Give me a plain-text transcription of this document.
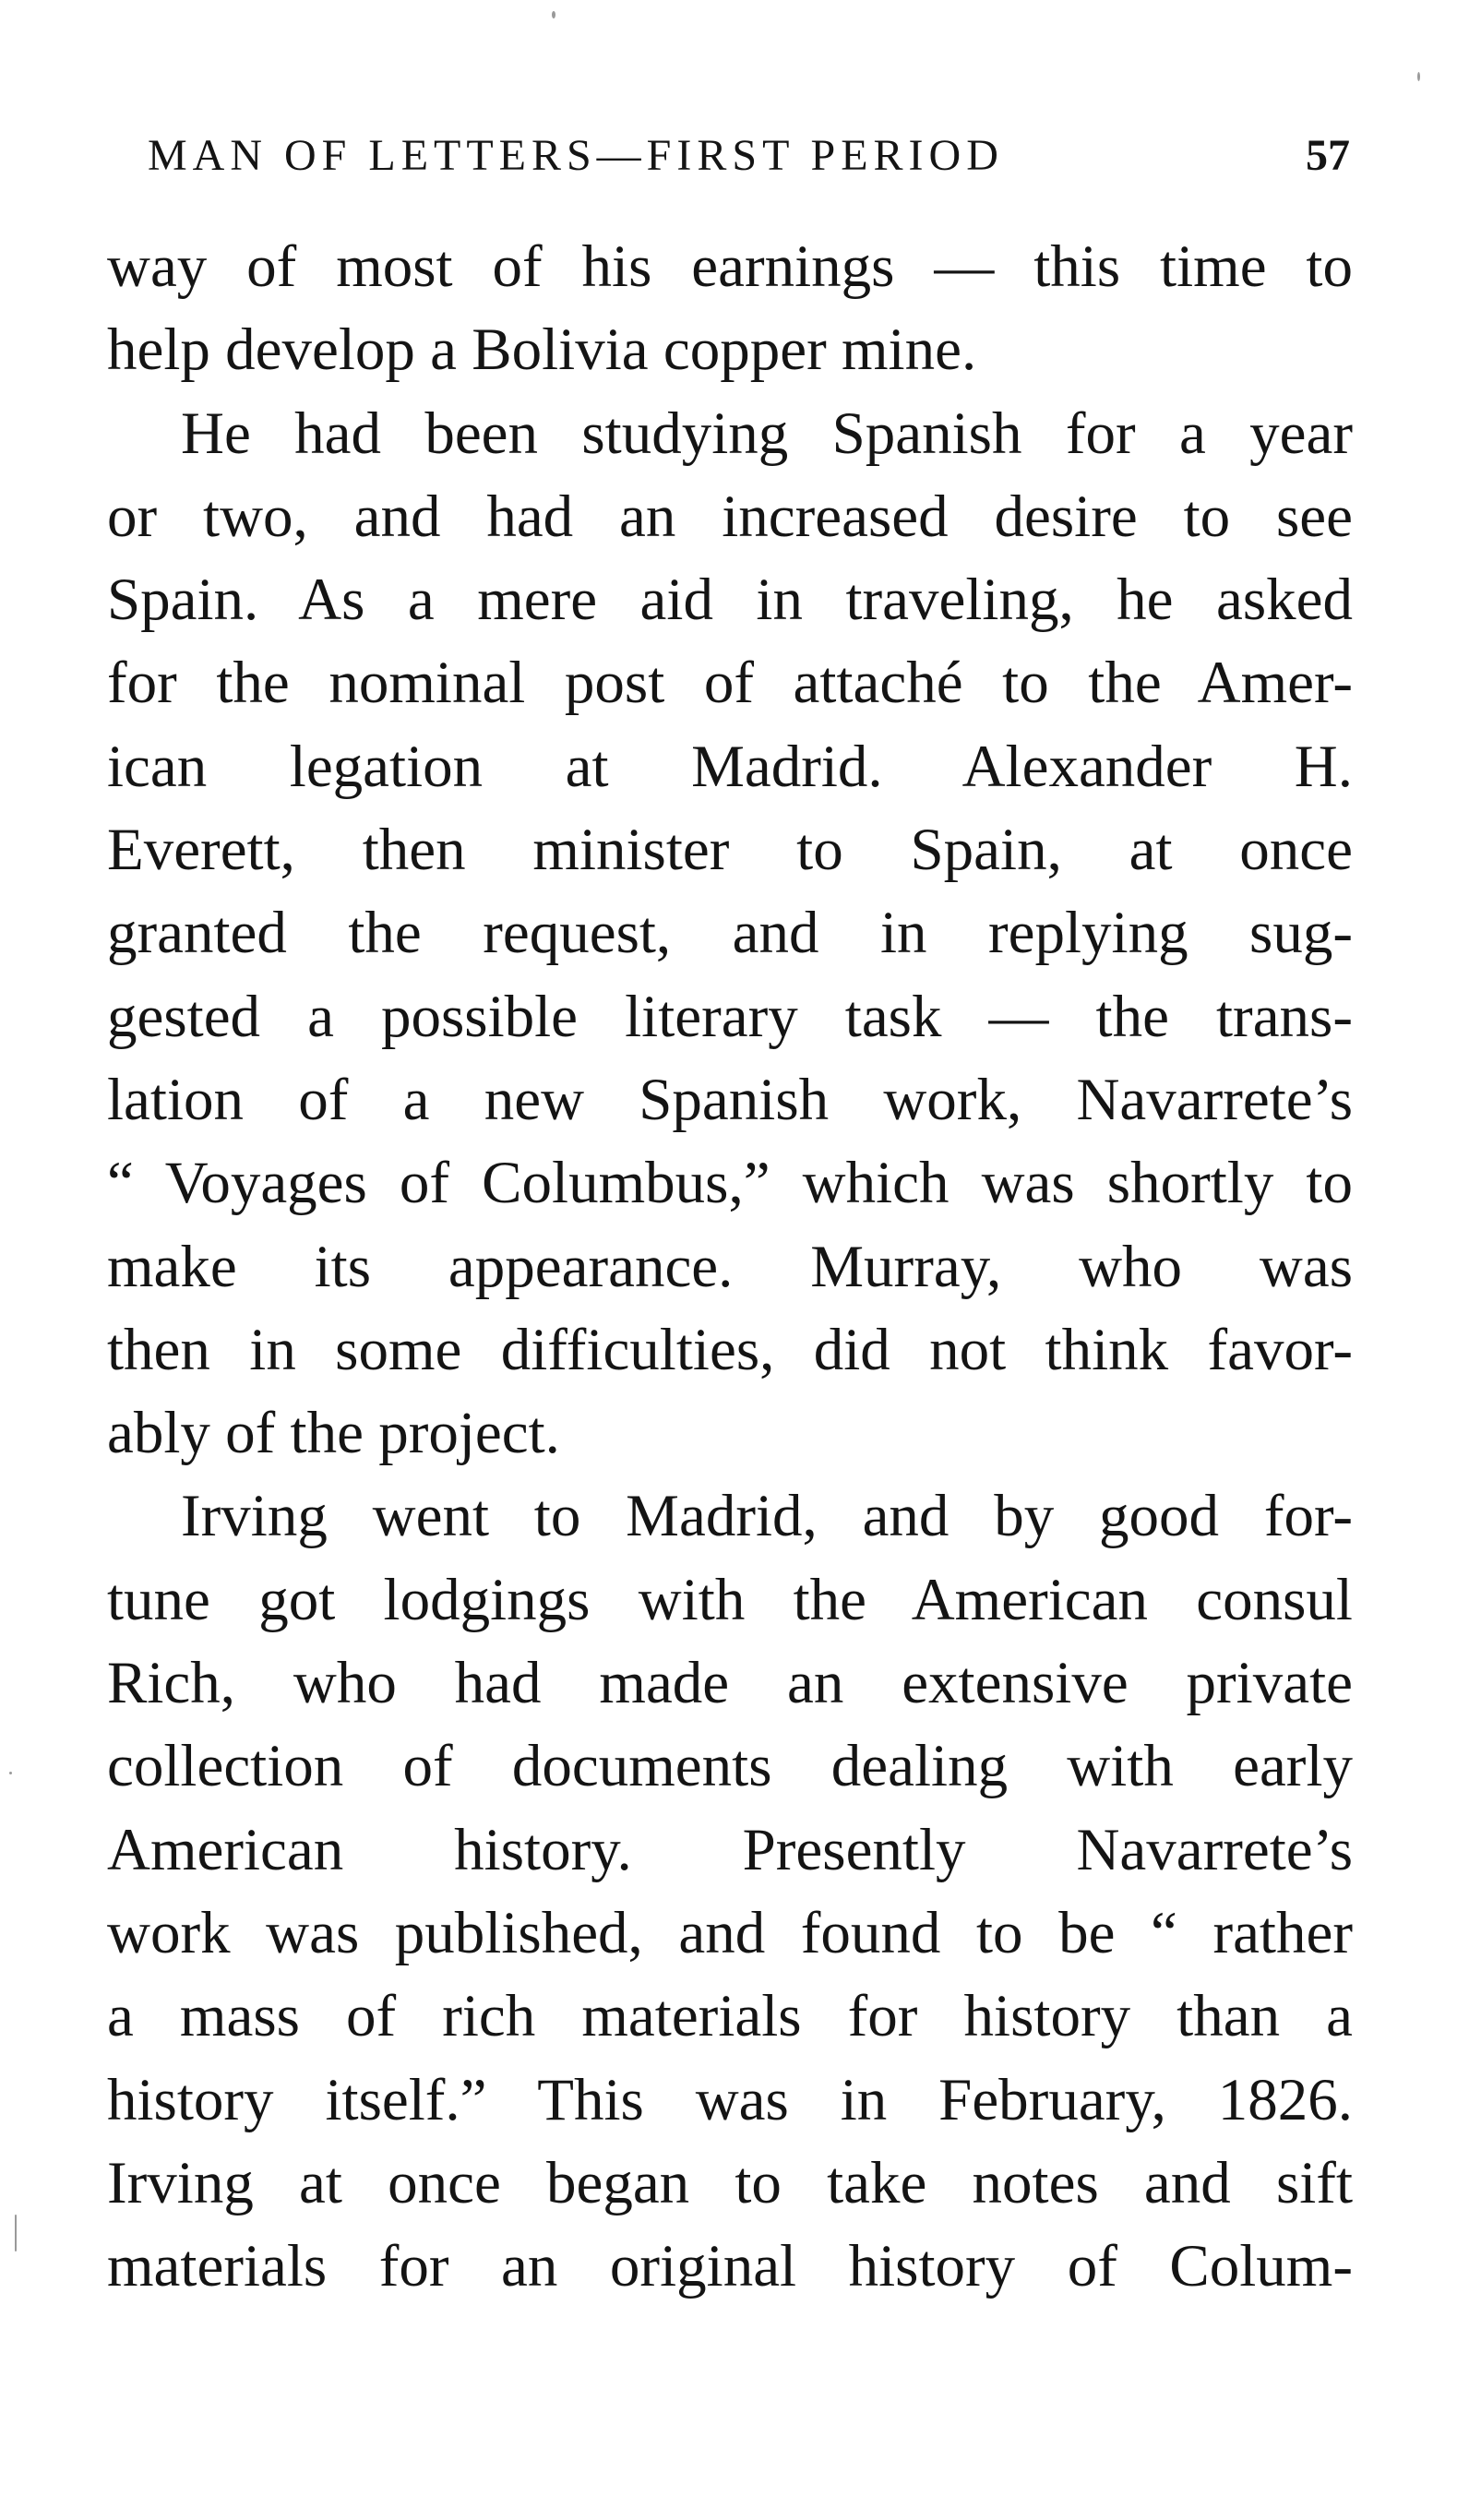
MAN OF LETTERS—FIRST PERIOD	57
way of most of his earnings — this time to
help develop a Bolivia copper mine.
He had been studying Spanish for a year
or two, and had an increased desire to see
Spain. As a mere aid in traveling, he asked
for the nominal post of attaché to the Amer-
ican legation at Madrid. Alexander H.
Everett, then minister to Spain, at once
granted the request, and in replying sug-
gested a possible literary task — the trans-
lation of a new Spanish work, Navarrete’s
“ Voyages of Columbus,” which was shortly to
make its appearance. Murray, who was
then in some difficulties, did not think favor-
ably of the project.
Irving went to Madrid, and by good for-
tune got lodgings with the American consul
Rich, who had made an extensive private
collection of documents dealing with early
American history. Presently Navarrete’s
work was published, and found to be “ rather
a mass of rich materials for history than a
history itself.” This was in February, 1826.
Irving at once began to take notes and sift
materials for an original history of Colum-
